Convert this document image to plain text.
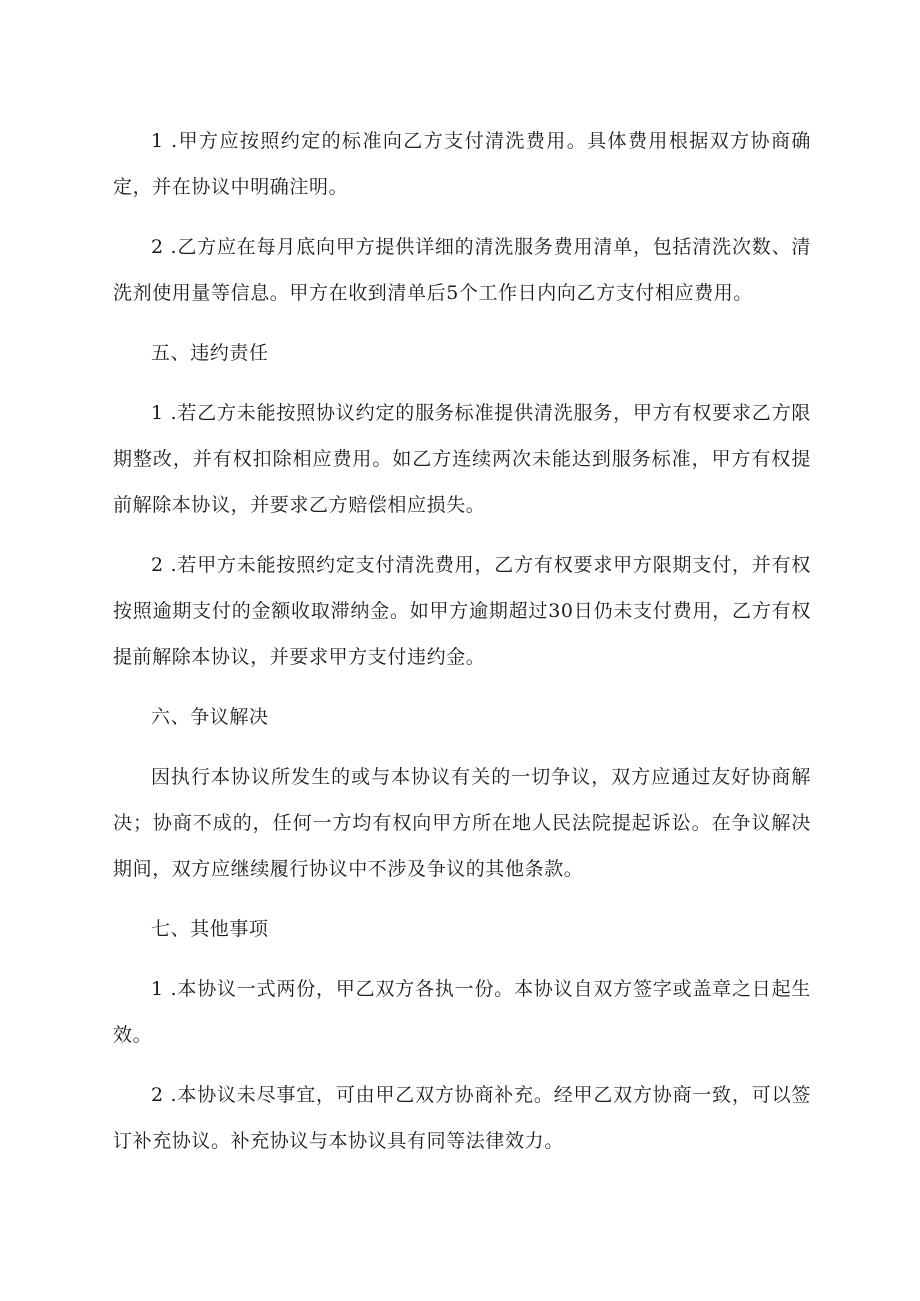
1 .甲方应按照约定的标准向乙方支付清洗费用。具体费用根据双方协商确定，并在协议中明确注明。

2 .乙方应在每月底向甲方提供详细的清洗服务费用清单，包括清洗次数、清洗剂使用量等信息。甲方在收到清单后5个工作日内向乙方支付相应费用。

五、违约责任

1 .若乙方未能按照协议约定的服务标准提供清洗服务，甲方有权要求乙方限期整改，并有权扣除相应费用。如乙方连续两次未能达到服务标准，甲方有权提前解除本协议，并要求乙方赔偿相应损失。

2 .若甲方未能按照约定支付清洗费用，乙方有权要求甲方限期支付，并有权按照逾期支付的金额收取滞纳金。如甲方逾期超过30日仍未支付费用，乙方有权提前解除本协议，并要求甲方支付违约金。

六、争议解决

因执行本协议所发生的或与本协议有关的一切争议，双方应通过友好协商解决；协商不成的，任何一方均有权向甲方所在地人民法院提起诉讼。在争议解决期间，双方应继续履行协议中不涉及争议的其他条款。

七、其他事项

1 .本协议一式两份，甲乙双方各执一份。本协议自双方签字或盖章之日起生效。

2 .本协议未尽事宜，可由甲乙双方协商补充。经甲乙双方协商一致，可以签订补充协议。补充协议与本协议具有同等法律效力。
